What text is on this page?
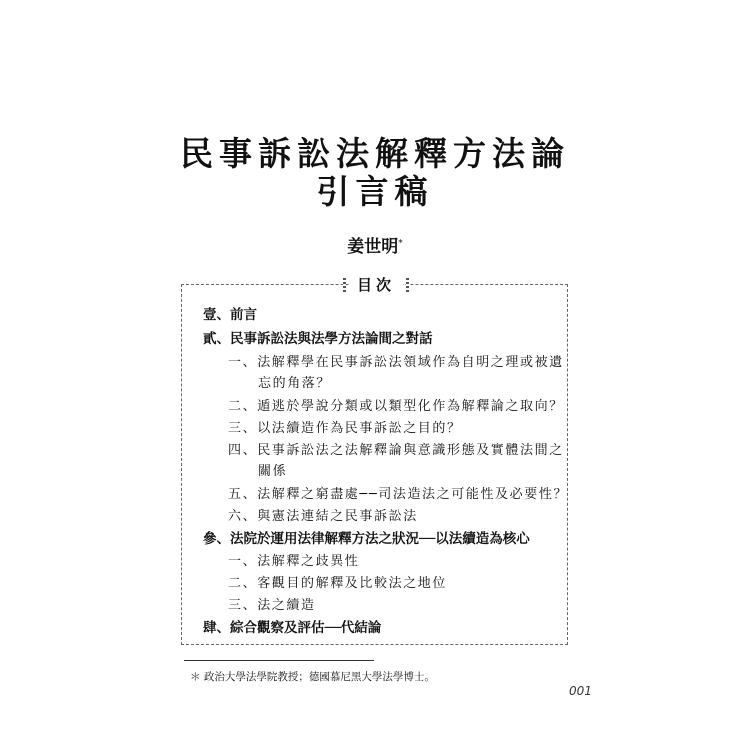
民事訴訟法解釋方法論
引言稿
姜世明*
目次
壹、前言
貳、民事訴訟法與法學方法論間之對話
一、法解釋學在民事訴訟法領域作為自明之理或被遺
忘的角落？
二、遁逃於學說分類或以類型化作為解釋論之取向？
三、以法續造作為民事訴訟之目的？
四、民事訴訟法之法解釋論與意識形態及實體法間之
關係
五、法解釋之窮盡處──司法造法之可能性及必要性？
六、與憲法連結之民事訴訟法
參、法院於運用法律解釋方法之狀況──以法續造為核心
一、法解釋之歧異性
二、客觀目的解釋及比較法之地位
三、法之續造
肆、綜合觀察及評估──代結論
＊ 政治大學法學院教授；德國慕尼黑大學法學博士。
001
